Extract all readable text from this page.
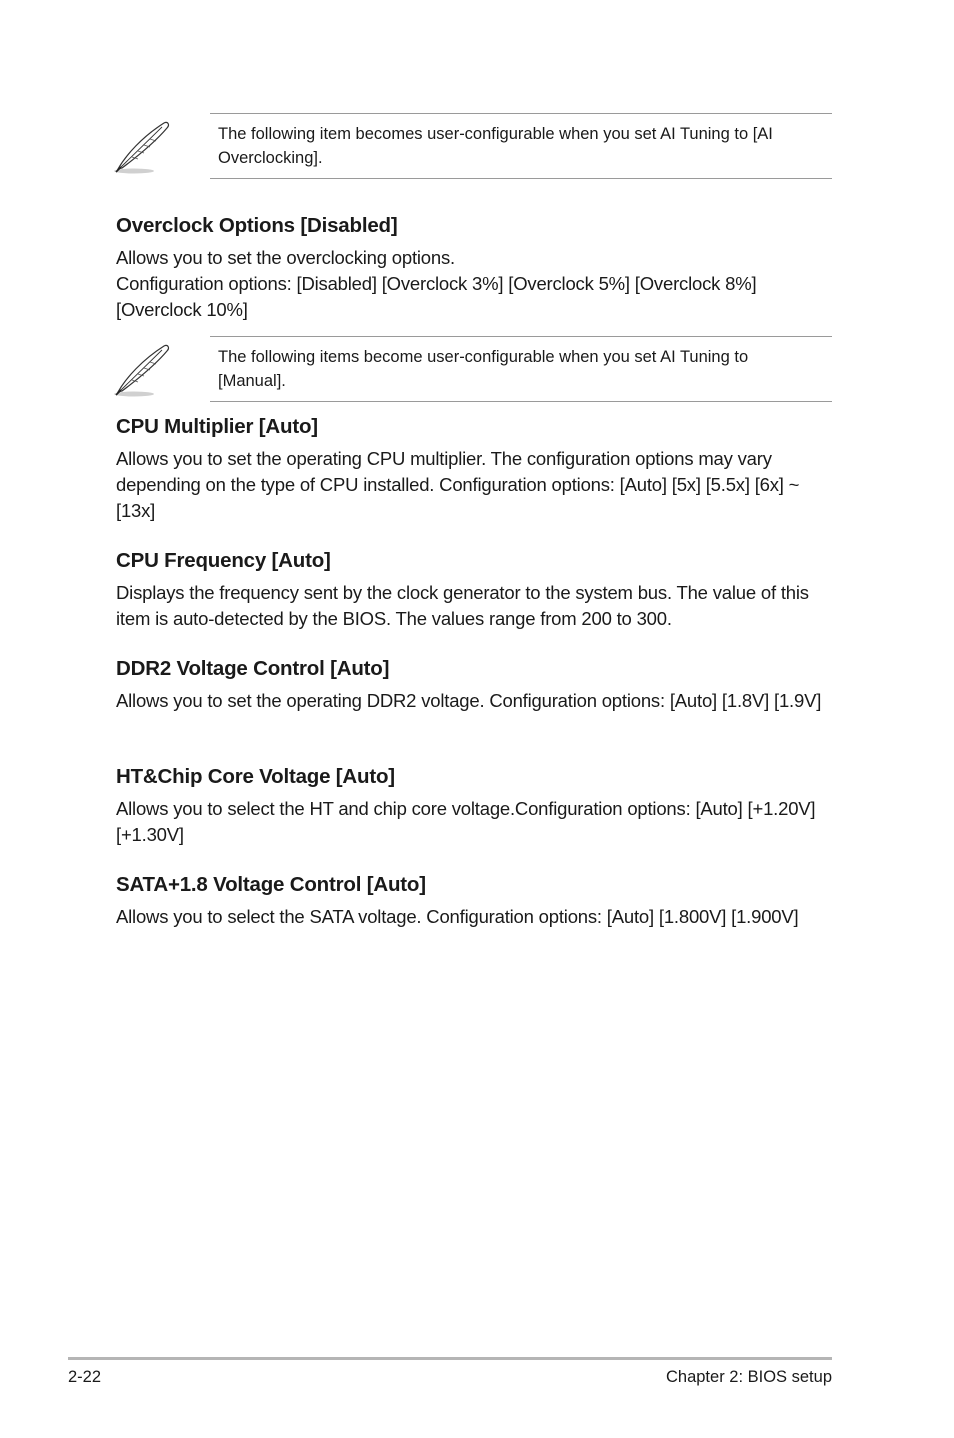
The following item becomes user-configurable when you set AI Tuning to [AI Overclocking].
Overclock Options [Disabled]

Allows you to set the overclocking options.

Configuration options: [Disabled] [Overclock 3%] [Overclock 5%] [Overclock 8%] [Overclock 10%]

The following items become user-configurable when you set AI Tuning to [Manual].
CPU Multiplier [Auto]

Allows you to set the operating CPU multiplier. The configuration options may vary depending on the type of CPU installed. Configuration options: [Auto] [5x] [5.5x] [6x] ~ [13x]

CPU Frequency [Auto]

Displays the frequency sent by the clock generator to the system bus. The value of this item is auto-detected by the BIOS. The values range from 200 to 300.

DDR2 Voltage Control [Auto]

Allows you to set the operating DDR2 voltage. Configuration options: [Auto] [1.8V] [1.9V]

HT&Chip Core Voltage [Auto]

Allows you to select the HT and chip core voltage.Configuration options: [Auto] [+1.20V] [+1.30V]

SATA+1.8 Voltage Control [Auto]

Allows you to select the SATA voltage. Configuration options: [Auto] [1.800V] [1.900V]

2-22	Chapter 2: BIOS setup
